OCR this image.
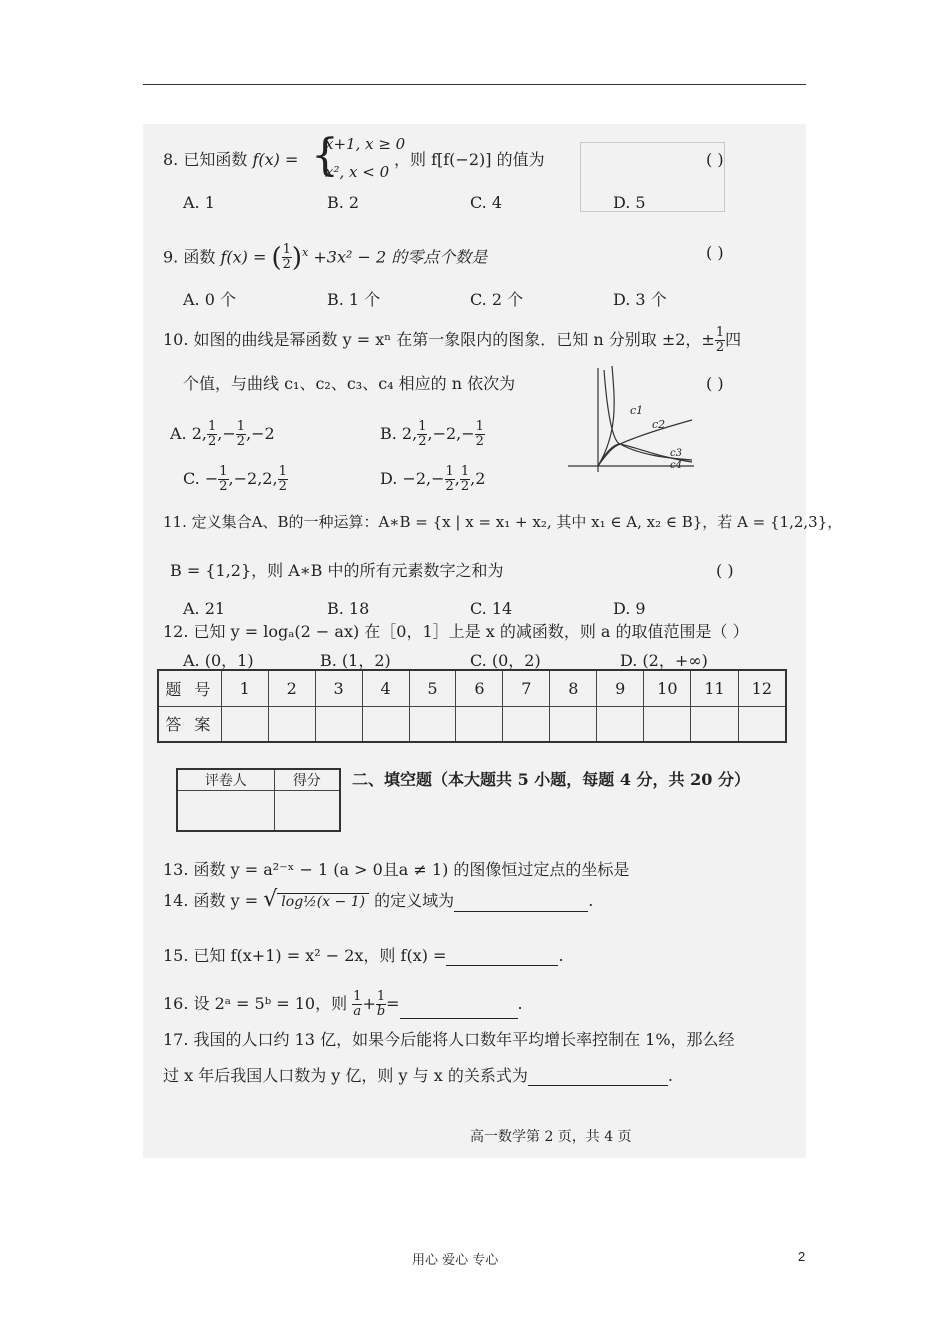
8. 已知函数 f(x) = {
x+1, x ≥ 0
x², x < 0
，则 f[f(−2)] 的值为	( )
A. 1	B. 2	C. 4	D. 5
9. 函数 f(x) = ( $\frac{1}{2} )^x +3x^2 - 2$ 的零点个数是	( )
A. 0 个	B. 1 个	C. 2 个	D. 3 个
10. 如图的曲线是幂函数 y = xⁿ 在第一象限内的图象．已知 n 分别取 ±2，± $\frac{1}{2}$ 四
个值，与曲线 c₁、c₂、c₃、c₄ 相应的 n 依次为	( )
A. 2, $\frac{1}{2}$ ,− $\frac{1}{2} ,-2$	B. 2, $\frac{1}{2} ,-2,- \frac{1}{2}$
C. − $\frac{1}{2} ,-2,2$, $\frac{1}{2}$	D. $-2,- \frac{1}{2}$ , $\frac{1}{2} ,2$
c1
c2
c3
c4
11. 定义集合A、B的一种运算：A∗B = {x | x = x₁ + x₂, 其中 x₁ ∈ A, x₂ ∈ B}，若 A = {1,2,3}，
B = {1,2}，则 A∗B 中的所有元素数字之和为	( )
A. 21	B. 18	C. 14	D. 9
12. 已知 y = logₐ(2 − ax) 在［0，1］上是 x 的减函数，则 a 的取值范围是（ ）
A. (0，1)	B. (1，2)	C. (0，2)	D. (2，+∞)
题 号	1	2	3	4	5	6	7	8	9	10	11	12
答 案												
评卷人	得分
	二、填空题（本大题共 5 小题，每题 4 分，共 20 分）
13. 函数 y = a²⁻ˣ − 1 (a > 0且a ≠ 1) 的图像恒过定点的坐标是
14. 函数 y = √ log½(x − 1) 的定义域为	.
15. 已知 f(x+1) = x² − 2x，则 f(x) =	.
16. 设 2ᵃ = 5ᵇ = 10，则 $\frac{1}{a} + \frac{1}{b}$ =	.
17. 我国的人口约 13 亿，如果今后能将人口数年平均增长率控制在 1%，那么经
过 x 年后我国人口数为 y 亿，则 y 与 x 的关系式为	.
高一数学第 2 页，共 4 页
用心 爱心 专心	2
